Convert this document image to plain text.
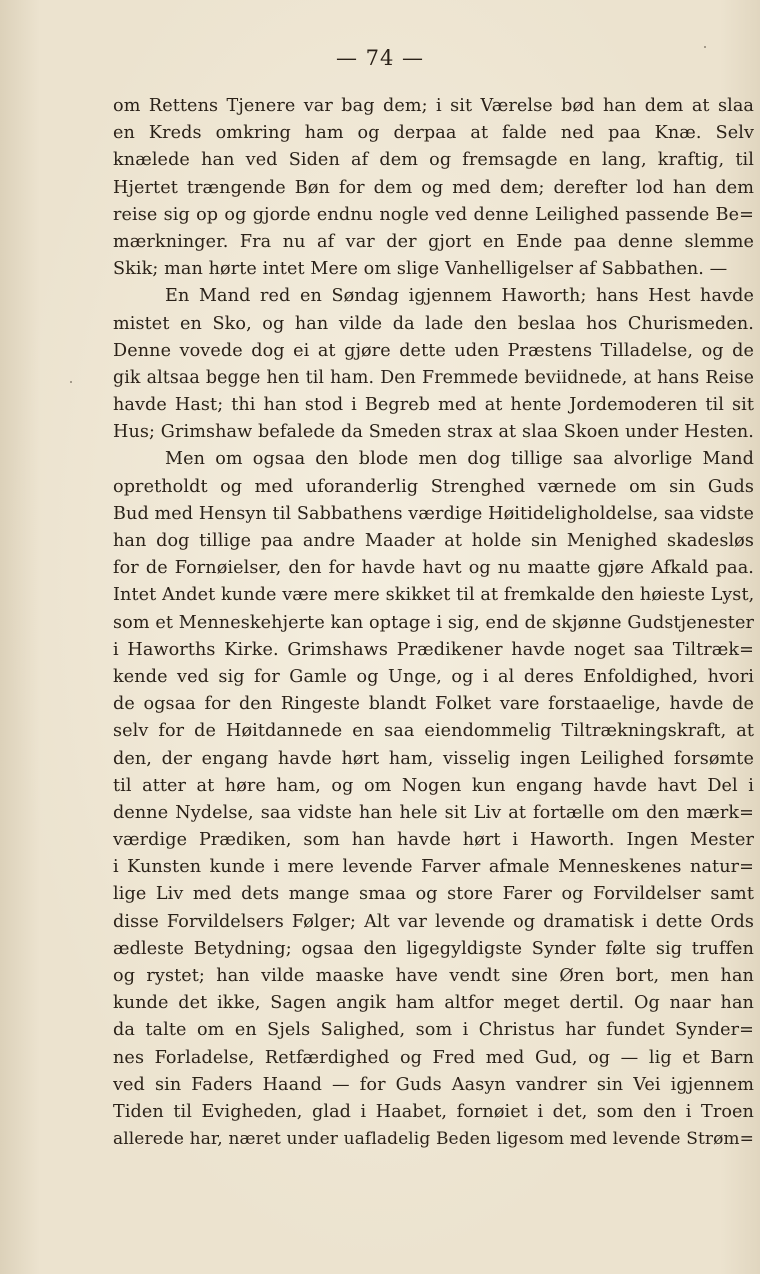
— 74 —
om Rettens Tjenere var bag dem; i sit Værelse bød han dem at slaa
en Kreds omkring ham og derpaa at falde ned paa Knæ. Selv
knælede han ved Siden af dem og fremsagde en lang, kraftig, til
Hjertet trængende Bøn for dem og med dem; derefter lod han dem
reise sig op og gjorde endnu nogle ved denne Leilighed passende Be=
mærkninger. Fra nu af var der gjort en Ende paa denne slemme
Skik; man hørte intet Mere om slige Vanhelligelser af Sabbathen. —
En Mand red en Søndag igjennem Haworth; hans Hest havde
mistet en Sko, og han vilde da lade den beslaa hos Churismeden.
Denne vovede dog ei at gjøre dette uden Præstens Tilladelse, og de
gik altsaa begge hen til ham. Den Fremmede beviidnede, at hans Reise
havde Hast; thi han stod i Begreb med at hente Jordemoderen til sit
Hus; Grimshaw befalede da Smeden strax at slaa Skoen under Hesten.
Men om ogsaa den blode men dog tillige saa alvorlige Mand
opretholdt og med uforanderlig Strenghed værnede om sin Guds
Bud med Hensyn til Sabbathens værdige Høitideligholdelse, saa vidste
han dog tillige paa andre Maader at holde sin Menighed skadesløs
for de Fornøielser, den for havde havt og nu maatte gjøre Afkald paa.
Intet Andet kunde være mere skikket til at fremkalde den høieste Lyst,
som et Menneskehjerte kan optage i sig, end de skjønne Gudstjenester
i Haworths Kirke. Grimshaws Prædikener havde noget saa Tiltræk=
kende ved sig for Gamle og Unge, og i al deres Enfoldighed, hvori
de ogsaa for den Ringeste blandt Folket vare forstaaelige, havde de
selv for de Høitdannede en saa eiendommelig Tiltrækningskraft, at
den, der engang havde hørt ham, visselig ingen Leilighed forsømte
til atter at høre ham, og om Nogen kun engang havde havt Del i
denne Nydelse, saa vidste han hele sit Liv at fortælle om den mærk=
værdige Prædiken, som han havde hørt i Haworth. Ingen Mester
i Kunsten kunde i mere levende Farver afmale Menneskenes natur=
lige Liv med dets mange smaa og store Farer og Forvildelser samt
disse Forvildelsers Følger; Alt var levende og dramatisk i dette Ords
ædleste Betydning; ogsaa den ligegyldigste Synder følte sig truffen
og rystet; han vilde maaske have vendt sine Øren bort, men han
kunde det ikke, Sagen angik ham altfor meget dertil. Og naar han
da talte om en Sjels Salighed, som i Christus har fundet Synder=
nes Forladelse, Retfærdighed og Fred med Gud, og — lig et Barn
ved sin Faders Haand — for Guds Aasyn vandrer sin Vei igjennem
Tiden til Evigheden, glad i Haabet, fornøiet i det, som den i Troen
allerede har, næret under uafladelig Beden ligesom med levende Strøm=
